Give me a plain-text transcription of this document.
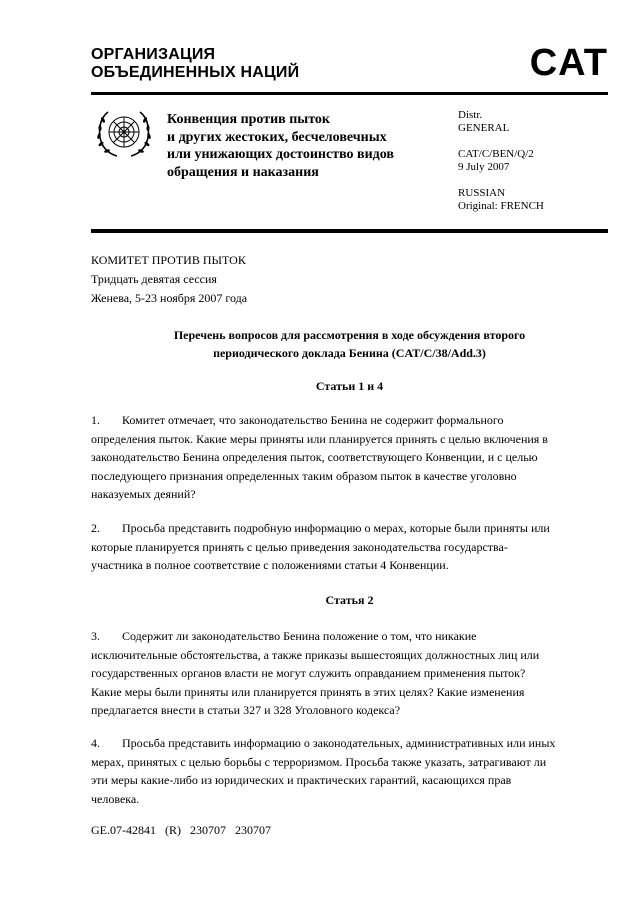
ОРГАНИЗАЦИЯ
ОБЪЕДИНЕННЫХ НАЦИЙ	CAT
Конвенция против пыток
и других жестоких, бесчеловечных
или унижающих достоинство видов
обращения и наказания
Distr.
GENERAL
CAT/C/BEN/Q/2
9 July 2007
RUSSIAN
Original: FRENCH
КОМИТЕТ ПРОТИВ ПЫТОК
Тридцать девятая сессия
Женева, 5-23 ноября 2007 года
Перечень вопросов для рассмотрения в ходе обсуждения второго
периодического доклада Бенина (CAT/C/38/Add.3)
Статьи 1 и 4
1. Комитет отмечает, что законодательство Бенина не содержит формального
определения пыток. Какие меры приняты или планируется принять с целью включения в
законодательство Бенина определения пыток, соответствующего Конвенции, и с целью
последующего признания определенных таким образом пыток в качестве уголовно
наказуемых деяний?
2. Просьба представить подробную информацию о мерах, которые были приняты или
которые планируется принять с целью приведения законодательства государства-
участника в полное соответствие с положениями статьи 4 Конвенции.
Статья 2
3. Содержит ли законодательство Бенина положение о том, что никакие
исключительные обстоятельства, а также приказы вышестоящих должностных лиц или
государственных органов власти не могут служить оправданием применения пыток?
Какие меры были приняты или планируется принять в этих целях? Какие изменения
предлагается внести в статьи 327 и 328 Уголовного кодекса?
4. Просьба представить информацию о законодательных, административных или иных
мерах, принятых с целью борьбы с терроризмом. Просьба также указать, затрагивают ли
эти меры какие-либо из юридических и практических гарантий, касающихся прав
человека.
GE.07-42841   (R)   230707   230707
